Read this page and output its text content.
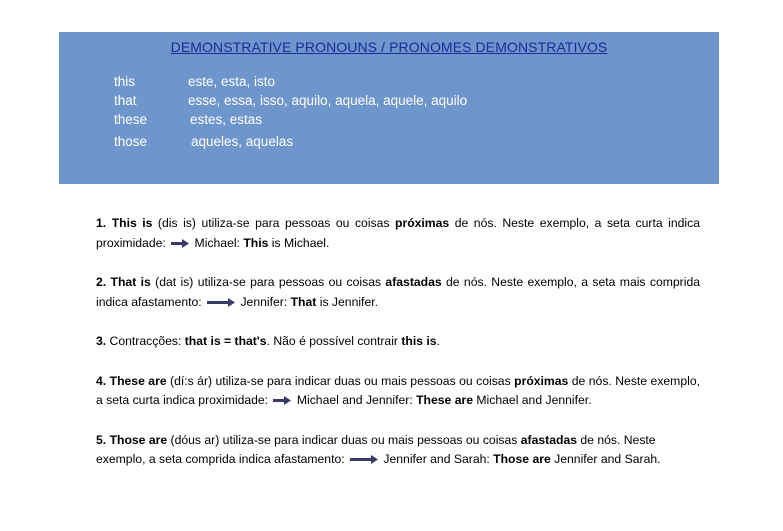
DEMONSTRATIVE PRONOUNS / PRONOMES DEMONSTRATIVOS
this	este, esta, isto
that	esse, essa, isso, aquilo, aquela, aquele, aquilo
these	estes, estas
those	aqueles, aquelas

1. This is (dis is) utiliza-se para pessoas ou coisas próximas de nós. Neste exemplo, a seta curta indica proximidade:
Michael: This is Michael.

2. That is (dat is) utiliza-se para pessoas ou coisas afastadas de nós. Neste exemplo, a seta mais comprida indica afastamento:	Jennifer: That is Jennifer.

3. Contracções: that is = that's. Não é possível contrair this is.

4. These are (dí:s ár) utiliza-se para indicar duas ou mais pessoas ou coisas próximas de nós. Neste exemplo, a seta curta indica proximidade:
Michael and Jennifer: These are Michael and Jennifer.

5. Those are (dóus ar) utiliza-se para indicar duas ou mais pessoas ou coisas afastadas de nós. Neste
exemplo, a seta comprida indica afastamento:	Jennifer and Sarah: Those are Jennifer and Sarah.
